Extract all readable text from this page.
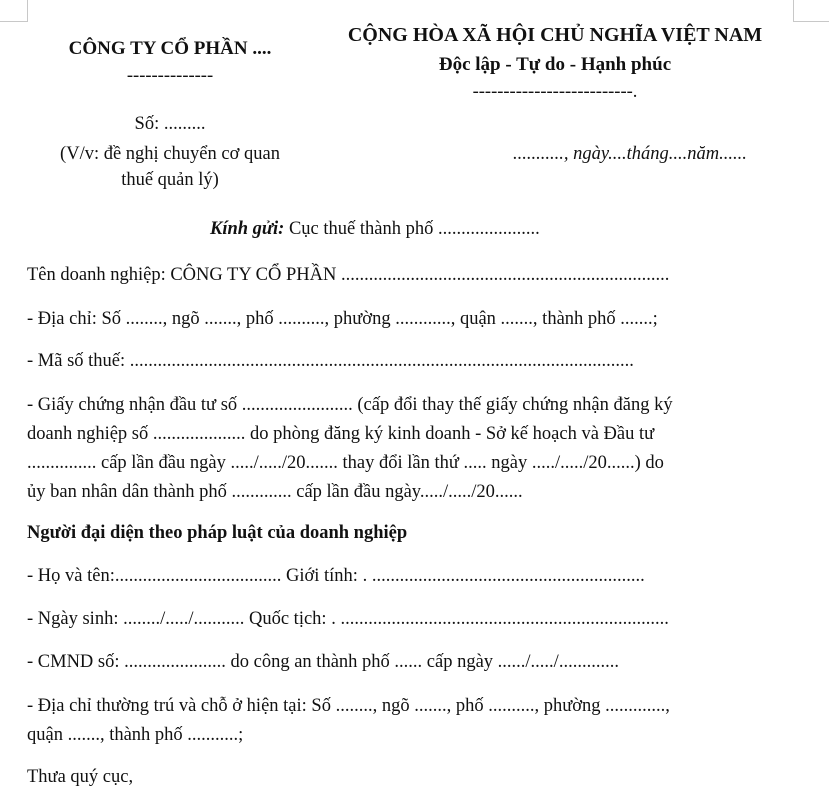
CÔNG TY CỔ PHẦN ....
--------------
Số: .........
(V/v: đề nghị chuyển cơ quan
thuế quản lý)
CỘNG HÒA XÃ HỘI CHỦ NGHĨA VIỆT NAM
Độc lập - Tự do - Hạnh phúc
--------------------------.
..........., ngày....tháng....năm......
Kính gửi: Cục thuế thành phố ......................
Tên doanh nghiệp: CÔNG TY CỔ PHẦN .......................................................................
- Địa chỉ: Số ........, ngõ ......., phố .........., phường ............, quận ......., thành phố .......;
- Mã số thuế: .............................................................................................................
- Giấy chứng nhận đầu tư số ........................ (cấp đổi thay thế giấy chứng nhận đăng ký
doanh nghiệp số .................... do phòng đăng ký kinh doanh - Sở kế hoạch và Đầu tư
............... cấp lần đầu ngày ...../...../20....... thay đổi lần thứ ..... ngày ...../...../20......) do
ủy ban nhân dân thành phố ............. cấp lần đầu ngày...../...../20......
Người đại diện theo pháp luật của doanh nghiệp
- Họ và tên:.................................... Giới tính: . ...........................................................
- Ngày sinh: ......../...../........... Quốc tịch: . .......................................................................
- CMND số: ...................... do công an thành phố ...... cấp ngày ....../...../.............
- Địa chỉ thường trú và chỗ ở hiện tại: Số ........, ngõ ......., phố .........., phường .............,
quận ......., thành phố ...........;
Thưa quý cục,
